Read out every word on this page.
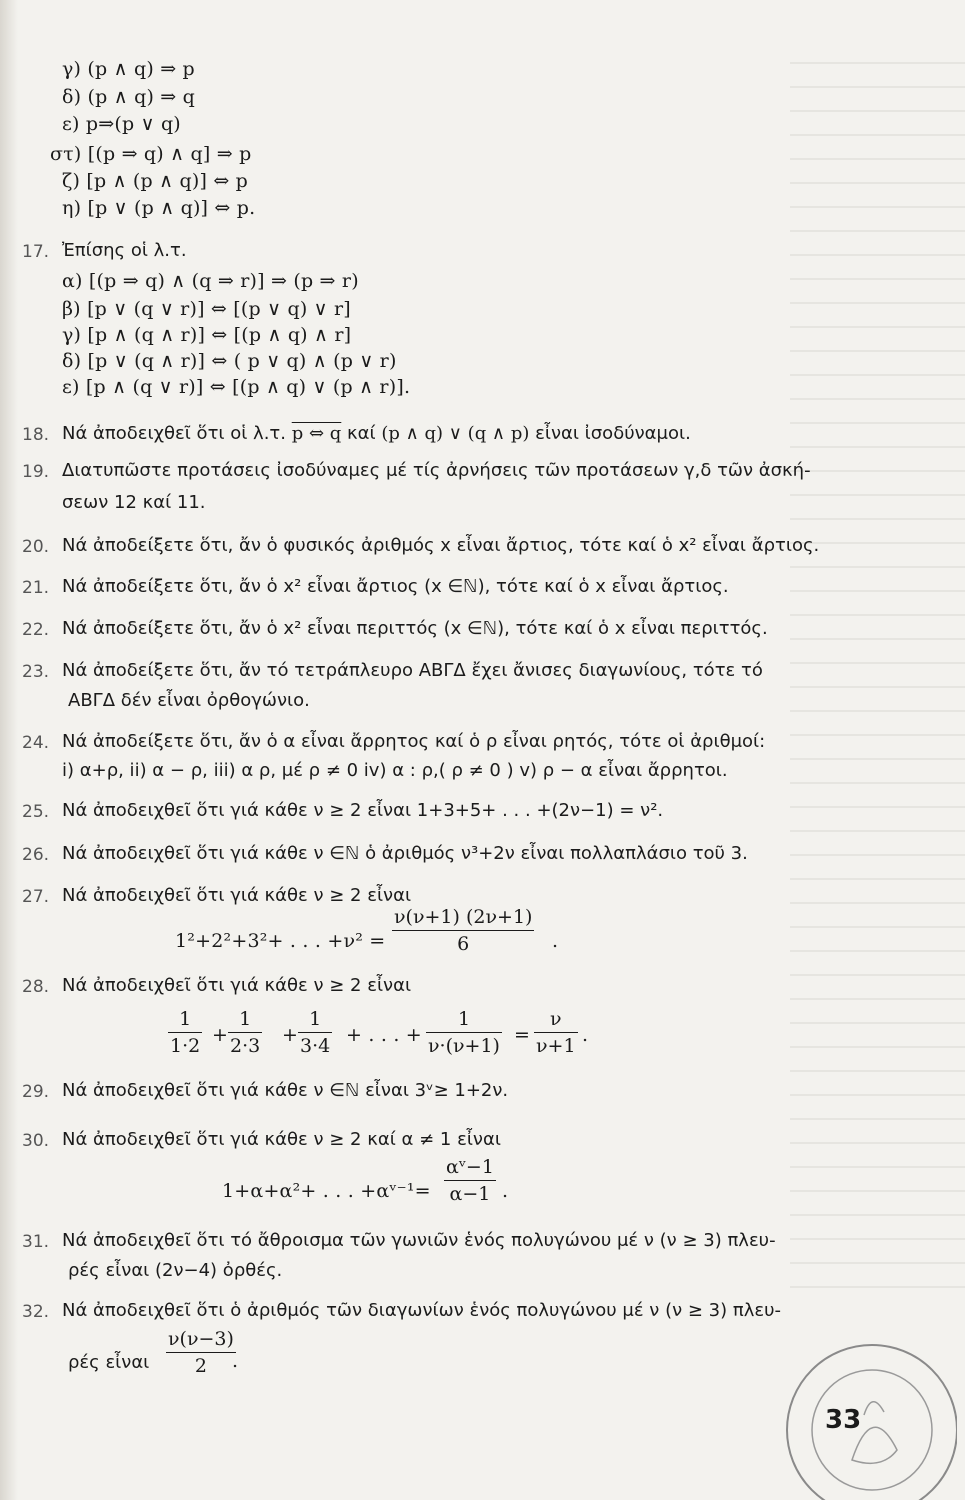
γ) (p ∧ q) ⇒ p
δ) (p ∧ q) ⇒ q
ε) p⇒(p ∨ q)
στ) [(p ⇒ q) ∧ q] ⇒ p
ζ) [p ∧ (p ∧ q)] ⇔ p
η) [p ∨ (p ∧ q)] ⇔ p.
17. Ἐπίσης οἱ λ.τ.
α) [(p ⇒ q) ∧ (q ⇒ r)] ⇒ (p ⇒ r)
β) [p ∨ (q ∨ r)] ⇔ [(p ∨ q) ∨ r]
γ) [p ∧ (q ∧ r)] ⇔ [(p ∧ q) ∧ r]
δ) [p ∨ (q ∧ r)] ⇔ ( p ∨ q) ∧ (p ∨ r)
ε) [p ∧ (q ∨ r)] ⇔ [(p ∧ q) ∨ (p ∧ r)].
18. Νά ἀποδειχθεῖ ὅτι οἱ λ.τ. p ⇔ q καί (p ∧ q) ∨ (q ∧ p) εἶναι ἰσοδύναμοι.
19. Διατυπῶστε προτάσεις ἰσοδύναμες μέ τίς ἀρνήσεις τῶν προτάσεων γ,δ τῶν ἀσκή-
σεων 12 καί 11.
20. Νά ἀποδείξετε ὅτι, ἄν ὁ φυσικός ἀριθμός x εἶναι ἄρτιος, τότε καί ὁ x² εἶναι ἄρτιος.
21. Νά ἀποδείξετε ὅτι, ἄν ὁ x² εἶναι ἄρτιος (x ∈ℕ), τότε καί ὁ x εἶναι ἄρτιος.
22. Νά ἀποδείξετε ὅτι, ἄν ὁ x² εἶναι περιττός (x ∈ℕ), τότε καί ὁ x εἶναι περιττός.
23. Νά ἀποδείξετε ὅτι, ἄν τό τετράπλευρο ΑΒΓΔ ἔχει ἄνισες διαγωνίους, τότε τό
ΑΒΓΔ δέν εἶναι ὀρθογώνιο.
24. Νά ἀποδείξετε ὅτι, ἄν ὁ α εἶναι ἄρρητος καί ὁ ρ εἶναι ρητός, τότε οἱ ἀριθμοί:
i) α+ρ, ii) α − ρ, iii) α ρ, μέ ρ ≠ 0 iv) α : ρ,( ρ ≠ 0 ) v) ρ − α εἶναι ἄρρητοι.
25. Νά ἀποδειχθεῖ ὅτι γιά κάθε ν ≥ 2 εἶναι 1+3+5+ . . . +(2ν−1) = ν².
26. Νά ἀποδειχθεῖ ὅτι γιά κάθε ν ∈ℕ ὁ ἀριθμός ν³+2ν εἶναι πολλαπλάσιο τοῦ 3.
27. Νά ἀποδειχθεῖ ὅτι γιά κάθε ν ≥ 2 εἶναι
1²+2²+3²+ . . . +ν² =
ν(ν+1) (2ν+1)
6	.
28. Νά ἀποδειχθεῖ ὅτι γιά κάθε ν ≥ 2 εἶναι
1
1·2 +
1
2·3 +
1
3·4 + . . . +
1
ν·(ν+1) =
ν
ν+1 .
29. Νά ἀποδειχθεῖ ὅτι γιά κάθε ν ∈ℕ εἶναι 3ᵛ≥ 1+2ν.
30. Νά ἀποδειχθεῖ ὅτι γιά κάθε ν ≥ 2 καί α ≠ 1 εἶναι
1+α+α²+ . . . +αᵛ⁻¹=
αᵛ−1
α−1 .
31. Νά ἀποδειχθεῖ ὅτι τό ἄθροισμα τῶν γωνιῶν ἑνός πολυγώνου μέ ν (ν ≥ 3) πλευ-
ρές εἶναι (2ν−4) ὀρθές.
32. Νά ἀποδειχθεῖ ὅτι ὁ ἀριθμός τῶν διαγωνίων ἑνός πολυγώνου μέ ν (ν ≥ 3) πλευ-
ρές εἶναι
ν(ν−3)
2	.
33
